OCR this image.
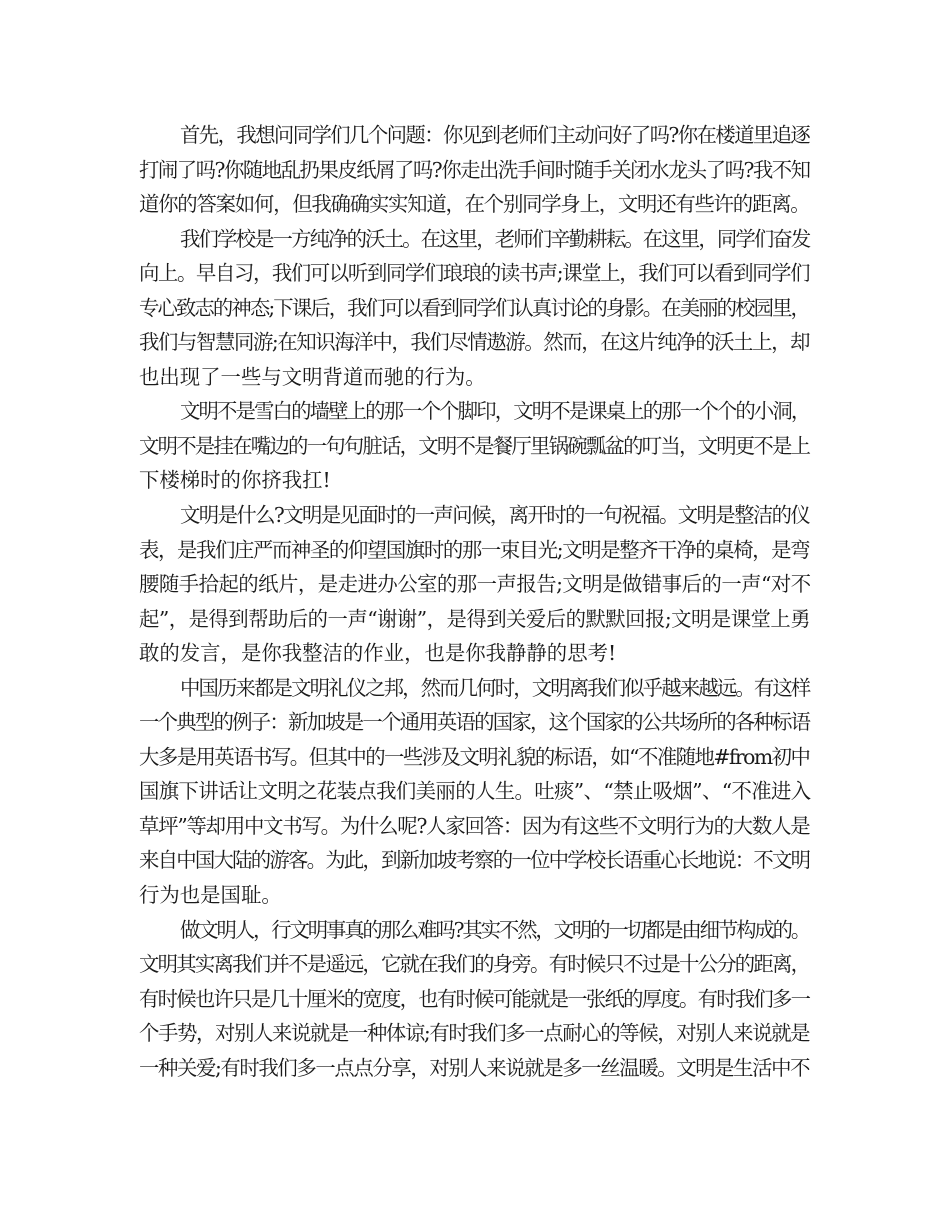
首先，我想问同学们几个问题：你见到老师们主动问好了吗?你在楼道里追逐
打闹了吗?你随地乱扔果皮纸屑了吗?你走出洗手间时随手关闭水龙头了吗?我不知
道你的答案如何，但我确确实实知道，在个别同学身上，文明还有些许的距离。
我们学校是一方纯净的沃土。在这里，老师们辛勤耕耘。在这里，同学们奋发
向上。早自习，我们可以听到同学们琅琅的读书声;课堂上，我们可以看到同学们
专心致志的神态;下课后，我们可以看到同学们认真讨论的身影。在美丽的校园里，
我们与智慧同游;在知识海洋中，我们尽情遨游。然而，在这片纯净的沃土上，却
也出现了一些与文明背道而驰的行为。
文明不是雪白的墙壁上的那一个个脚印，文明不是课桌上的那一个个的小洞，
文明不是挂在嘴边的一句句脏话，文明不是餐厅里锅碗瓢盆的叮当，文明更不是上
下楼梯时的你挤我扛!
文明是什么?文明是见面时的一声问候，离开时的一句祝福。文明是整洁的仪
表，是我们庄严而神圣的仰望国旗时的那一束目光;文明是整齐干净的桌椅，是弯
腰随手拾起的纸片，是走进办公室的那一声报告;文明是做错事后的一声“对不
起”，是得到帮助后的一声“谢谢”，是得到关爱后的默默回报;文明是课堂上勇
敢的发言，是你我整洁的作业，也是你我静静的思考!
中国历来都是文明礼仪之邦，然而几何时，文明离我们似乎越来越远。有这样
一个典型的例子：新加坡是一个通用英语的国家，这个国家的公共场所的各种标语
大多是用英语书写。但其中的一些涉及文明礼貌的标语，如“不准随地#from初中
国旗下讲话让文明之花装点我们美丽的人生。吐痰”、“禁止吸烟”、“不准进入
草坪”等却用中文书写。为什么呢?人家回答：因为有这些不文明行为的大数人是
来自中国大陆的游客。为此，到新加坡考察的一位中学校长语重心长地说：不文明
行为也是国耻。
做文明人，行文明事真的那么难吗?其实不然，文明的一切都是由细节构成的。
文明其实离我们并不是遥远，它就在我们的身旁。有时候只不过是十公分的距离，
有时候也许只是几十厘米的宽度，也有时候可能就是一张纸的厚度。有时我们多一
个手势，对别人来说就是一种体谅;有时我们多一点耐心的等候，对别人来说就是
一种关爱;有时我们多一点点分享，对别人来说就是多一丝温暖。文明是生活中不
